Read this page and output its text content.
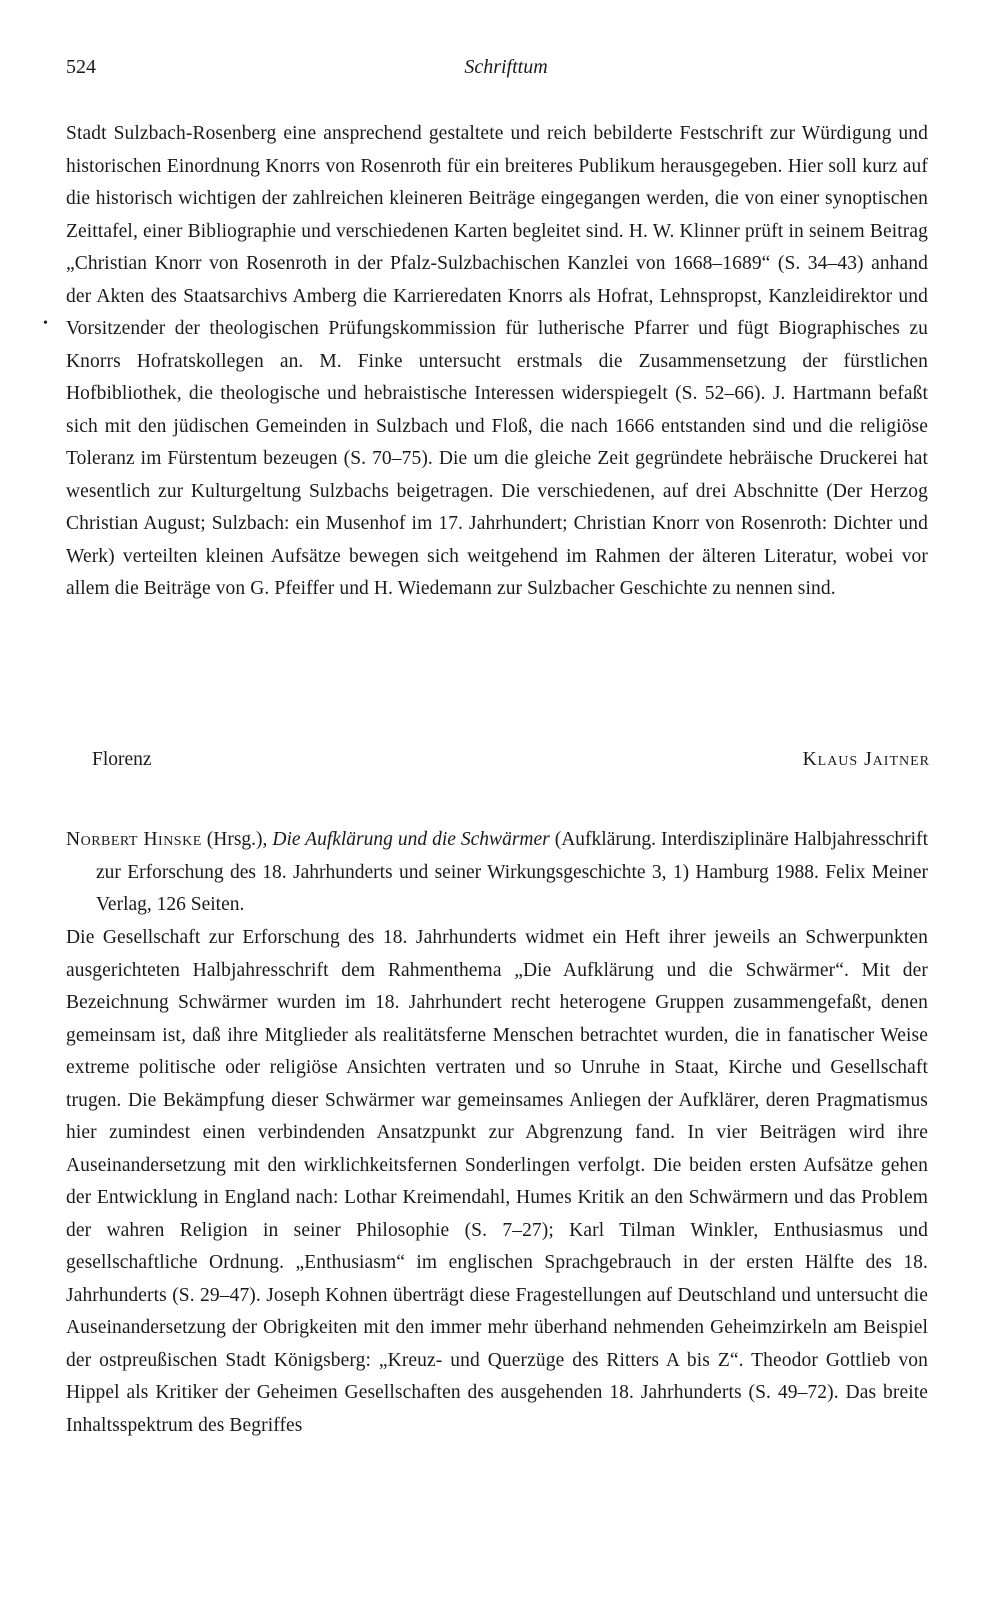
524	Schrifttum
•

Stadt Sulzbach-Rosenberg eine ansprechend gestaltete und reich bebilderte Festschrift zur Würdigung und historischen Einordnung Knorrs von Rosenroth für ein breiteres Publikum herausgegeben. Hier soll kurz auf die historisch wichtigen der zahlreichen kleineren Beiträge eingegangen werden, die von einer synoptischen Zeittafel, einer Bibliographie und verschiedenen Karten begleitet sind. H. W. Klinner prüft in seinem Beitrag „Christian Knorr von Rosenroth in der Pfalz-Sulzbachischen Kanzlei von 1668–1689“ (S. 34–43) anhand der Akten des Staatsarchivs Amberg die Karrieredaten Knorrs als Hofrat, Lehnspropst, Kanzleidirektor und Vorsitzender der theologischen Prüfungskommission für lutherische Pfarrer und fügt Biographisches zu Knorrs Hofratskollegen an. M. Finke untersucht erstmals die Zusammensetzung der fürstlichen Hofbibliothek, die theologische und hebraistische Interessen widerspiegelt (S. 52–66). J. Hartmann befaßt sich mit den jüdischen Gemeinden in Sulzbach und Floß, die nach 1666 entstanden sind und die religiöse Toleranz im Fürstentum bezeugen (S. 70–75). Die um die gleiche Zeit gegründete hebräische Druckerei hat wesentlich zur Kulturgeltung Sulzbachs beigetragen. Die verschiedenen, auf drei Abschnitte (Der Herzog Christian August; Sulzbach: ein Musenhof im 17. Jahrhundert; Christian Knorr von Rosenroth: Dichter und Werk) verteilten kleinen Aufsätze bewegen sich weitgehend im Rahmen der älteren Literatur, wobei vor allem die Beiträge von G. Pfeiffer und H. Wiedemann zur Sulzbacher Geschichte zu nennen sind.

Florenz	Klaus Jaitner
Norbert Hinske (Hrsg.), Die Aufklärung und die Schwärmer (Aufklärung. Interdisziplinäre Halbjahresschrift zur Erforschung des 18. Jahrhunderts und seiner Wirkungsgeschichte 3, 1) Hamburg 1988. Felix Meiner Verlag, 126 Seiten.

Die Gesellschaft zur Erforschung des 18. Jahrhunderts widmet ein Heft ihrer jeweils an Schwerpunkten ausgerichteten Halbjahresschrift dem Rahmenthema „Die Aufklärung und die Schwärmer“. Mit der Bezeichnung Schwärmer wurden im 18. Jahrhundert recht heterogene Gruppen zusammengefaßt, denen gemeinsam ist, daß ihre Mitglieder als realitätsferne Menschen betrachtet wurden, die in fanatischer Weise extreme politische oder religiöse Ansichten vertraten und so Unruhe in Staat, Kirche und Gesellschaft trugen. Die Bekämpfung dieser Schwärmer war gemeinsames Anliegen der Aufklärer, deren Pragmatismus hier zumindest einen verbindenden Ansatzpunkt zur Abgrenzung fand. In vier Beiträgen wird ihre Auseinandersetzung mit den wirklichkeitsfernen Sonderlingen verfolgt. Die beiden ersten Aufsätze gehen der Entwicklung in England nach: Lothar Kreimendahl, Humes Kritik an den Schwärmern und das Problem der wahren Religion in seiner Philosophie (S. 7–27); Karl Tilman Winkler, Enthusiasmus und gesellschaftliche Ordnung. „Enthusiasm“ im englischen Sprachgebrauch in der ersten Hälfte des 18. Jahrhunderts (S. 29–47). Joseph Kohnen überträgt diese Fragestellungen auf Deutschland und untersucht die Auseinandersetzung der Obrigkeiten mit den immer mehr überhand nehmenden Geheimzirkeln am Beispiel der ostpreußischen Stadt Königsberg: „Kreuz- und Querzüge des Ritters A bis Z“. Theodor Gottlieb von Hippel als Kritiker der Geheimen Gesellschaften des ausgehenden 18. Jahrhunderts (S. 49–72). Das breite Inhaltsspektrum des Begriffes
